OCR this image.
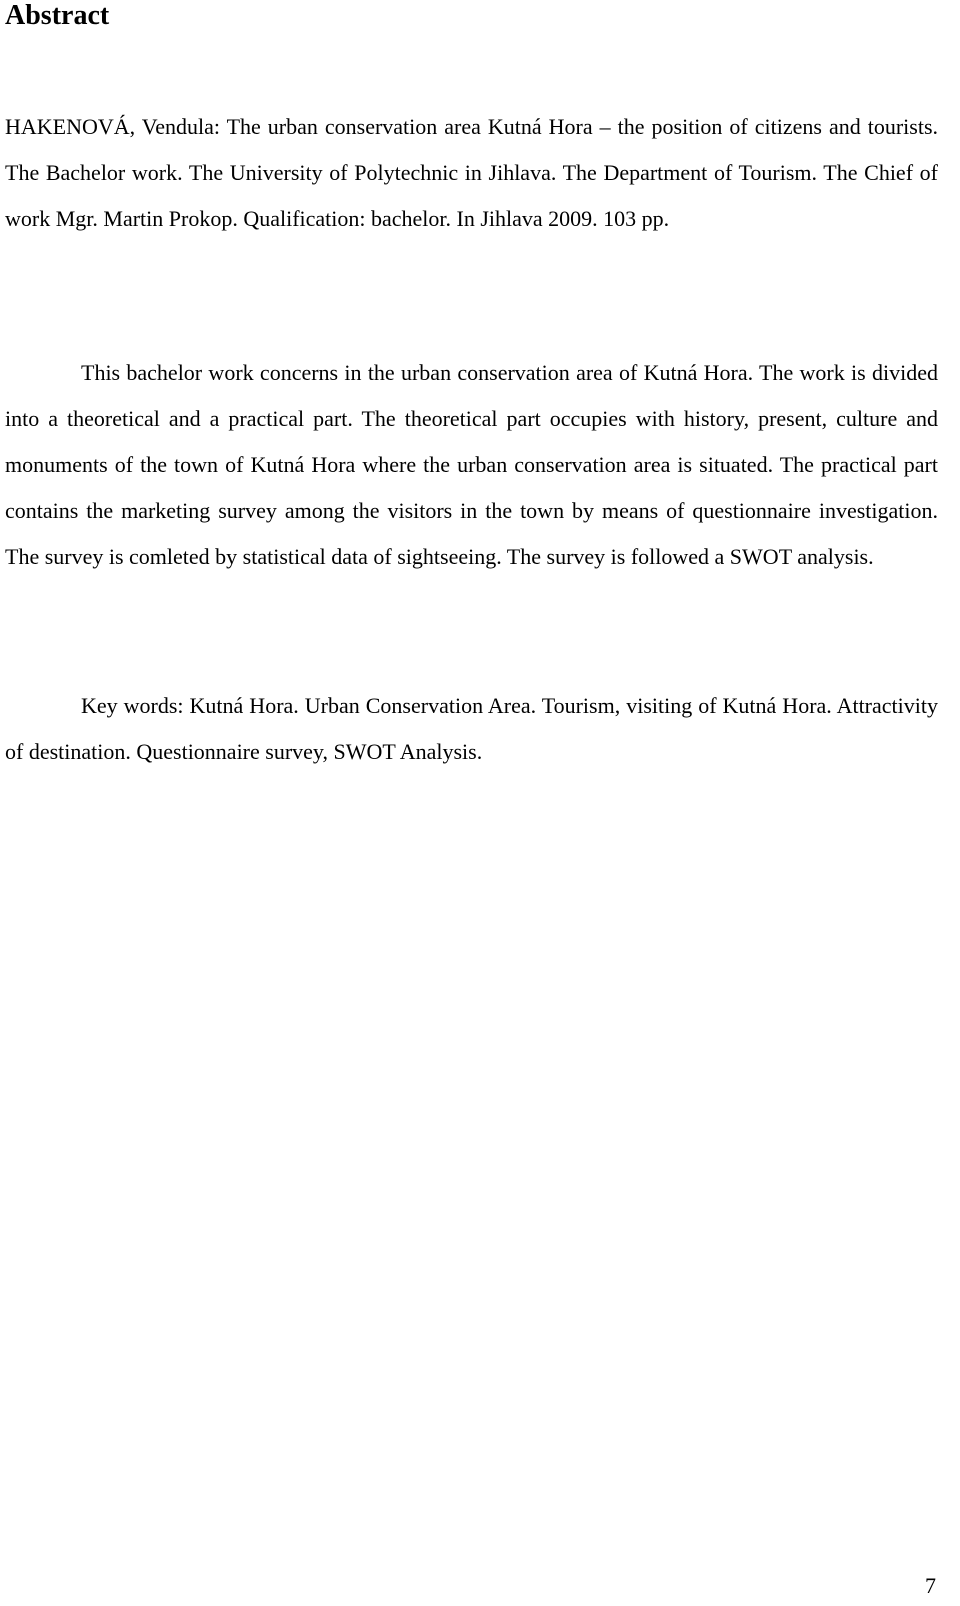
Abstract

HAKENOVÁ, Vendula: The urban conservation area Kutná Hora – the position of citizens and tourists. The Bachelor work. The University of Polytechnic in Jihlava. The Department of Tourism. The Chief of work Mgr. Martin Prokop. Qualification: bachelor. In Jihlava 2009. 103 pp.

This bachelor work concerns in the urban conservation area of Kutná Hora. The work is divided into a theoretical and a practical part. The theoretical part occupies with history, present, culture and monuments of the town of Kutná Hora where the urban conservation area is situated. The practical part contains the marketing survey among the visitors in the town by means of questionnaire investigation. The survey is comleted by statistical data of sightseeing. The survey is followed a SWOT analysis.

Key words: Kutná Hora. Urban Conservation Area. Tourism, visiting of Kutná Hora. Attractivity of destination. Questionnaire survey, SWOT Analysis.

7
